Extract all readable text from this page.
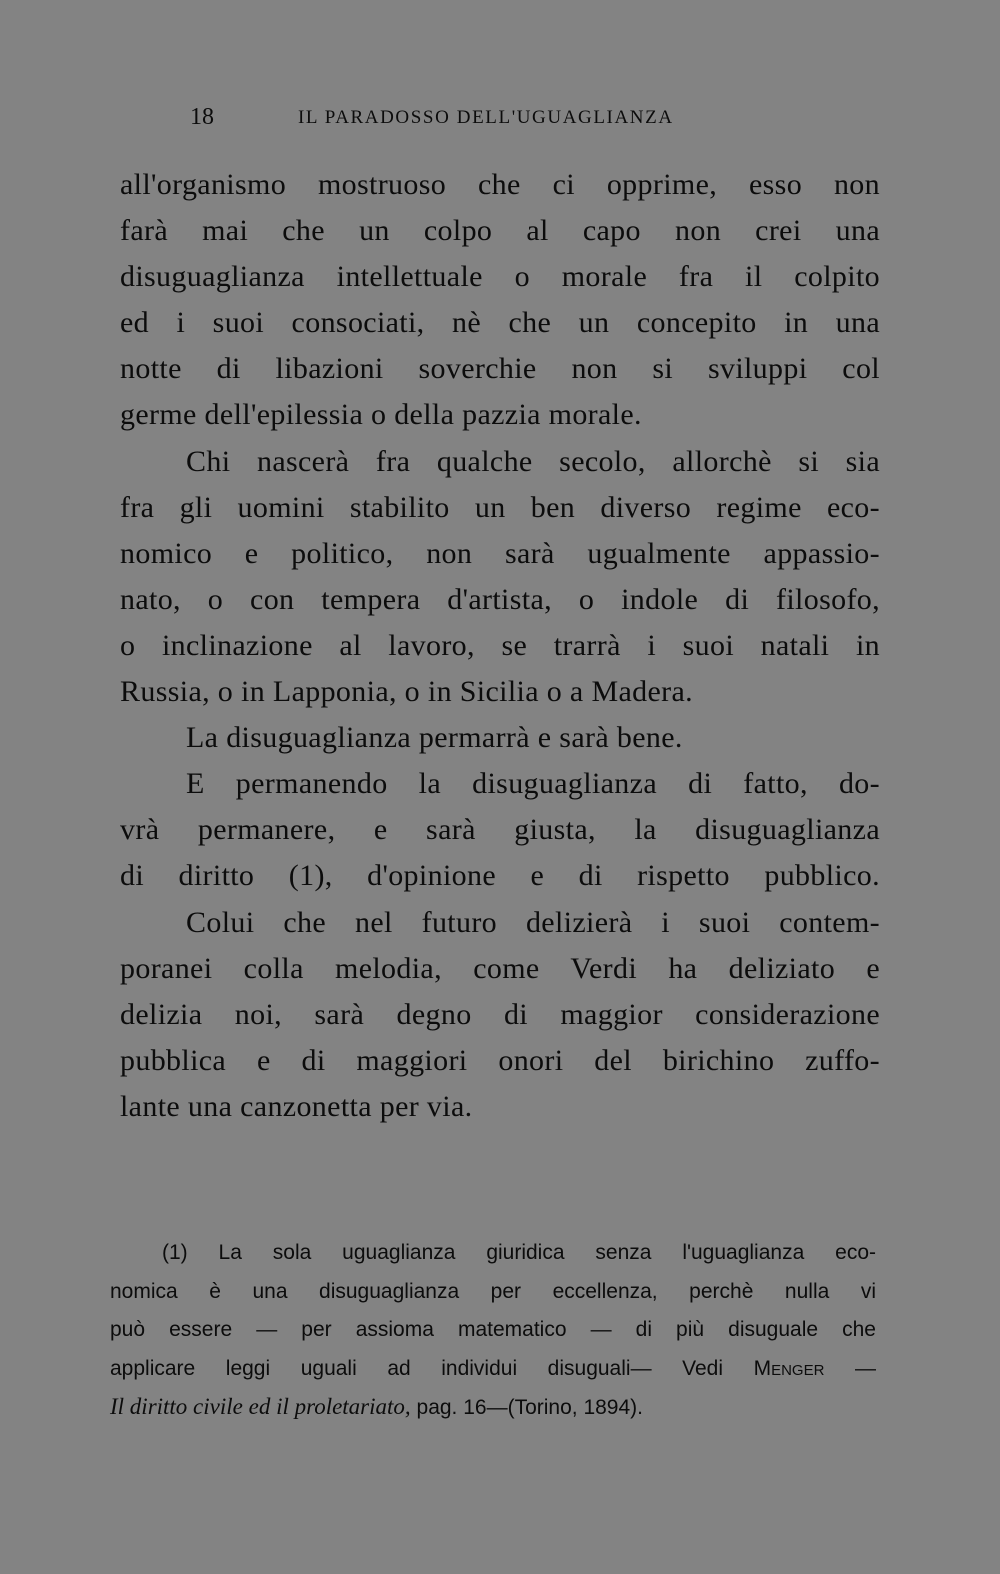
18	IL PARADOSSO DELL'UGUAGLIANZA
all'organismo mostruoso che ci opprime, esso non
farà mai che un colpo al capo non crei una
disuguaglianza intellettuale o morale fra il colpito
ed i suoi consociati, nè che un concepito in una
notte di libazioni soverchie non si sviluppi col
germe dell'epilessia o della pazzia morale.
Chi nascerà fra qualche secolo, allorchè si sia
fra gli uomini stabilito un ben diverso regime eco-
nomico e politico, non sarà ugualmente appassio-
nato, o con tempera d'artista, o indole di filosofo,
o inclinazione al lavoro, se trarrà i suoi natali in
Russia, o in Lapponia, o in Sicilia o a Madera.
La disuguaglianza permarrà e sarà bene.
E permanendo la disuguaglianza di fatto, do-
vrà permanere, e sarà giusta, la disuguaglianza
di diritto (1), d'opinione e di rispetto pubblico.
Colui che nel futuro delizierà i suoi contem-
poranei colla melodia, come Verdi ha deliziato e
delizia noi, sarà degno di maggior considerazione
pubblica e di maggiori onori del birichino zuffo-
lante una canzonetta per via.
(1) La sola uguaglianza giuridica senza l'uguaglianza eco-
nomica è una disuguaglianza per eccellenza, perchè nulla vi
può essere — per assioma matematico — di più disuguale che
applicare leggi uguali ad individui disuguali— Vedi Menger —
Il diritto civile ed il proletariato, pag. 16—(Torino, 1894).
